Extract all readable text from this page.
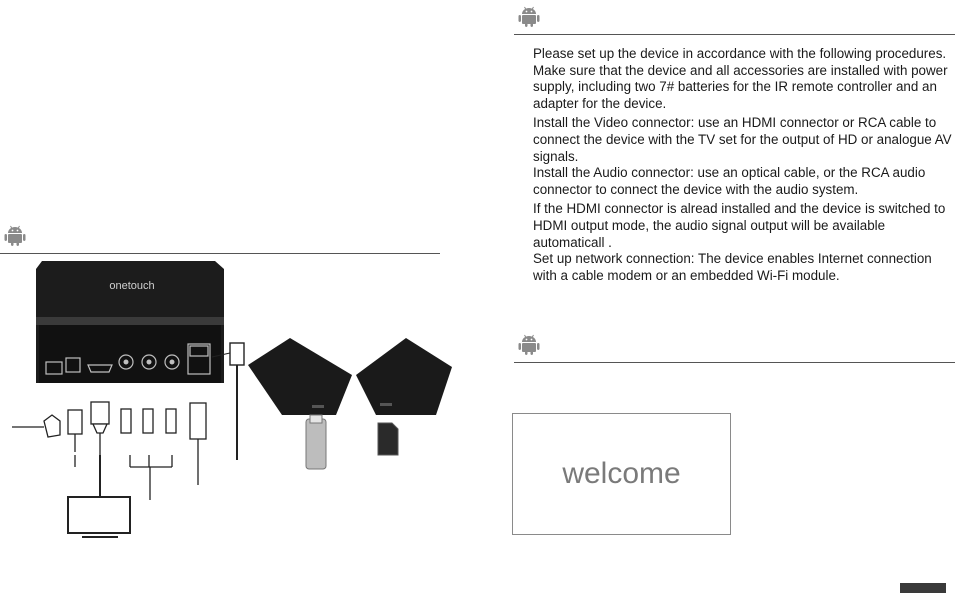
onetouch

Please set up the device in accordance with the following procedures.

Make sure that the device and all accessories are installed with power supply, including two 7# batteries for the IR remote controller and an adapter for the device.

Install the Video connector: use an HDMI connector or RCA cable to connect the device with the TV set for the output of HD or analogue AV signals.

Install the Audio connector: use an optical cable, or the RCA audio connector to connect the device with the audio system.

If the HDMI connector is alread installed and the device is switched to HDMI output mode, the audio signal output will be available automaticall .

Set up network connection: The device enables Internet connection with a cable modem or an embedded Wi-Fi module.

welcome
